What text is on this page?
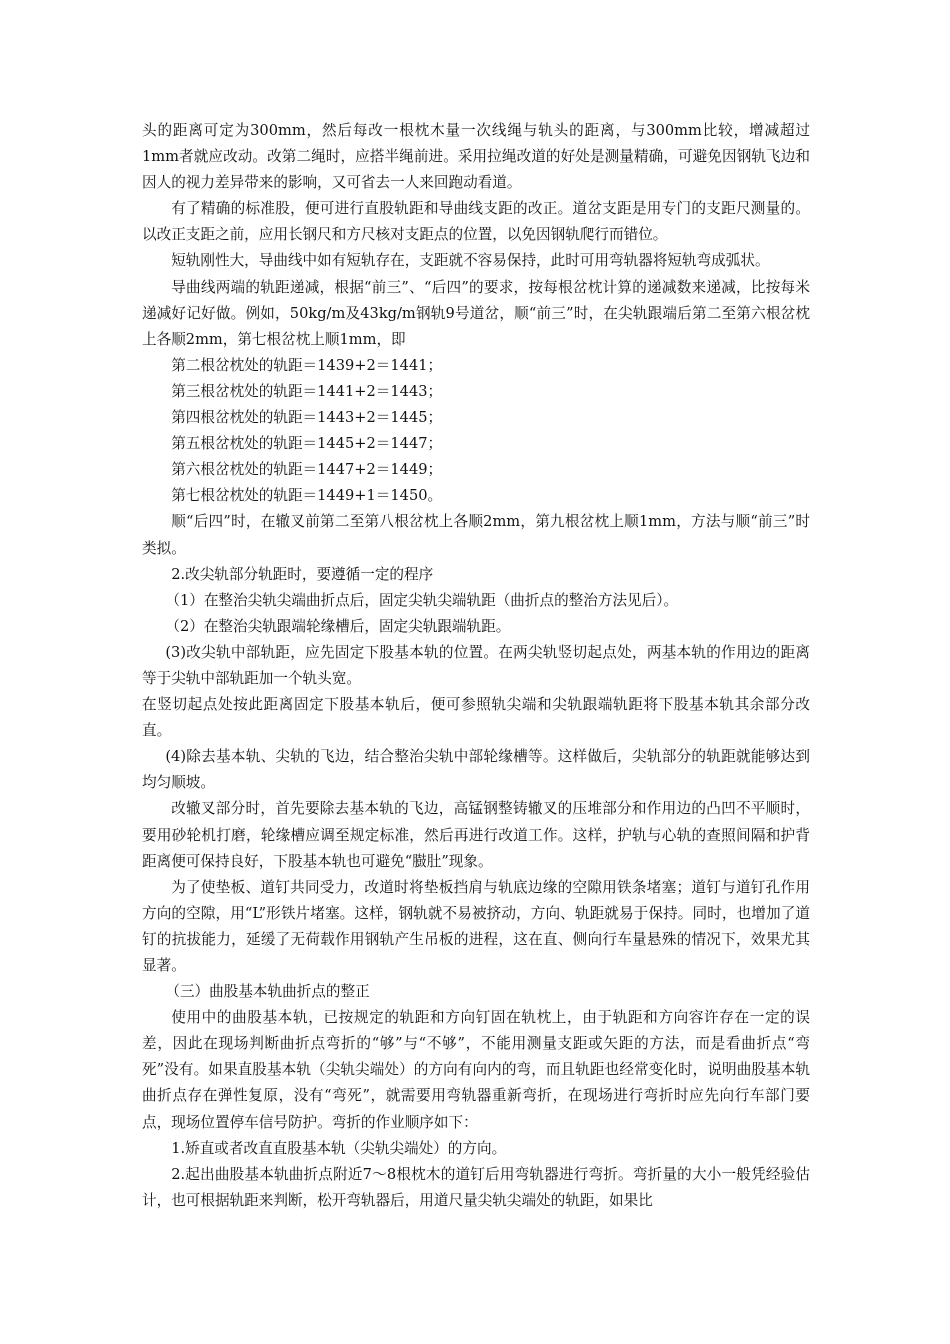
头的距离可定为300mm，然后每改一根枕木量一次线绳与轨头的距离，与300mm比较，增减超过1mm者就应改动。改第二绳时，应搭半绳前进。采用拉绳改道的好处是测量精确，可避免因钢轨飞边和因人的视力差异带来的影响，又可省去一人来回跑动看道。

有了精确的标准股，便可进行直股轨距和导曲线支距的改正。道岔支距是用专门的支距尺测量的。以改正支距之前，应用长钢尺和方尺核对支距点的位置，以免因钢轨爬行而错位。

短轨刚性大，导曲线中如有短轨存在，支距就不容易保持，此时可用弯轨器将短轨弯成弧状。

导曲线两端的轨距递减，根据“前三”、“后四”的要求，按每根岔枕计算的递减数来递减，比按每米递减好记好做。例如，50kg/m及43kg/m钢轨9号道岔，顺“前三”时，在尖轨跟端后第二至第六根岔枕上各顺2mm，第七根岔枕上顺1mm，即

第二根岔枕处的轨距＝1439+2＝1441；

第三根岔枕处的轨距＝1441+2＝1443；

第四根岔枕处的轨距＝1443+2＝1445；

第五根岔枕处的轨距＝1445+2＝1447；

第六根岔枕处的轨距＝1447+2＝1449；

第七根岔枕处的轨距＝1449+1＝1450。

顺“后四”时，在辙叉前第二至第八根岔枕上各顺2mm，第九根岔枕上顺1mm，方法与顺“前三”时类拟。

2.改尖轨部分轨距时，要遵循一定的程序

（1）在整治尖轨尖端曲折点后，固定尖轨尖端轨距（曲折点的整治方法见后）。

（2）在整治尖轨跟端轮缘槽后，固定尖轨跟端轨距。

(3)改尖轨中部轨距，应先固定下股基本轨的位置。在两尖轨竖切起点处，两基本轨的作用边的距离等于尖轨中部轨距加一个轨头宽。

在竖切起点处按此距离固定下股基本轨后，便可参照轨尖端和尖轨跟端轨距将下股基本轨其余部分改直。

(4)除去基本轨、尖轨的飞边，结合整治尖轨中部轮缘槽等。这样做后，尖轨部分的轨距就能够达到均匀顺坡。

改辙叉部分时，首先要除去基本轨的飞边，高锰钢整铸辙叉的压堆部分和作用边的凸凹不平顺时，要用砂轮机打磨，轮缘槽应调至规定标准，然后再进行改道工作。这样，护轨与心轨的查照间隔和护背距离便可保持良好，下股基本轨也可避免“臌肚”现象。

为了使垫板、道钉共同受力，改道时将垫板挡肩与轨底边缘的空隙用铁条堵塞；道钉与道钉孔作用方向的空隙，用“L”形铁片堵塞。这样，钢轨就不易被挤动，方向、轨距就易于保持。同时，也增加了道钉的抗拔能力，延缓了无荷载作用钢轨产生吊板的进程，这在直、侧向行车量悬殊的情况下，效果尤其显著。

（三）曲股基本轨曲折点的整正

使用中的曲股基本轨，已按规定的轨距和方向钉固在轨枕上，由于轨距和方向容许存在一定的误差，因此在现场判断曲折点弯折的“够”与“不够”，不能用测量支距或矢距的方法，而是看曲折点“弯死”没有。如果直股基本轨（尖轨尖端处）的方向有向内的弯，而且轨距也经常变化时，说明曲股基本轨曲折点存在弹性复原，没有“弯死”，就需要用弯轨器重新弯折，在现场进行弯折时应先向行车部门要点，现场位置停车信号防护。弯折的作业顺序如下：

1.矫直或者改直直股基本轨（尖轨尖端处）的方向。

2.起出曲股基本轨曲折点附近7～8根枕木的道钉后用弯轨器进行弯折。弯折量的大小一般凭经验估计，也可根据轨距来判断，松开弯轨器后，用道尺量尖轨尖端处的轨距，如果比
